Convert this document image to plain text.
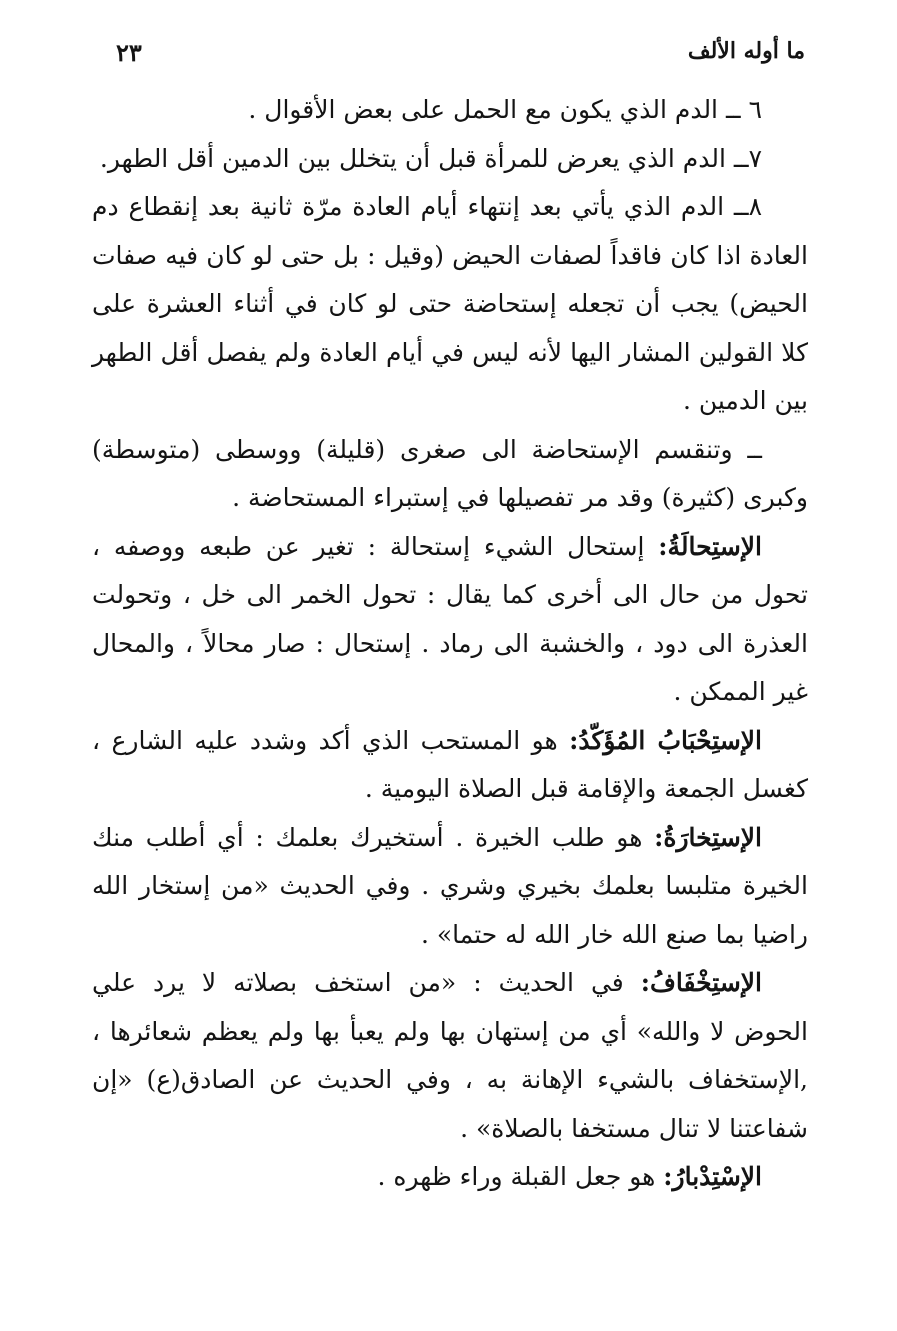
٢٣	ما أوله الألف

٦ ــ الدم الذي يكون مع الحمل على بعض الأقوال .

٧ــ الدم الذي يعرض للمرأة قبل أن يتخلل بين الدمين أقل الطهر.

٨ــ الدم الذي يأتي بعد إنتهاء أيام العادة مرّة ثانية بعد إنقطاع دم العادة اذا كان فاقداً لصفات الحيض (وقيل : بل حتى لو كان فيه صفات الحيض) يجب أن تجعله إستحاضة حتى لو كان في أثناء العشرة على كلا القولين المشار اليها لأنه ليس في أيام العادة ولم يفصل أقل الطهر بين الدمين .

ــ وتنقسم الإستحاضة الى صغرى (قليلة) ووسطى (متوسطة) وكبرى (كثيرة) وقد مر تفصيلها في إستبراء المستحاضة .

الإستِحالَةُ: إستحال الشيء إستحالة : تغير عن طبعه ووصفه ، تحول من حال الى أخرى كما يقال : تحول الخمر الى خل ، وتحولت العذرة الى دود ، والخشبة الى رماد . إستحال : صار محالاً ، والمحال غير الممكن .

الإستِحْبَابُ المُؤَكّدُ: هو المستحب الذي أكد وشدد عليه الشارع ، كغسل الجمعة والإقامة قبل الصلاة اليومية .

الإستِخارَةُ: هو طلب الخيرة . أستخيرك بعلمك : أي أطلب منك الخيرة متلبسا بعلمك بخيري وشري . وفي الحديث «من إستخار الله راضيا بما صنع الله خار الله له حتما» .

الإستِخْفَافُ: في الحديث : «من استخف بصلاته لا يرد علي الحوض لا والله» أي من إستهان بها ولم يعبأ بها ولم يعظم شعائرها ، ,الإستخفاف بالشيء الإهانة به ، وفي الحديث عن الصادق(ع) «إن شفاعتنا لا تنال مستخفا بالصلاة» .

الإسْتِدْبارُ: هو جعل القبلة وراء ظهره .
